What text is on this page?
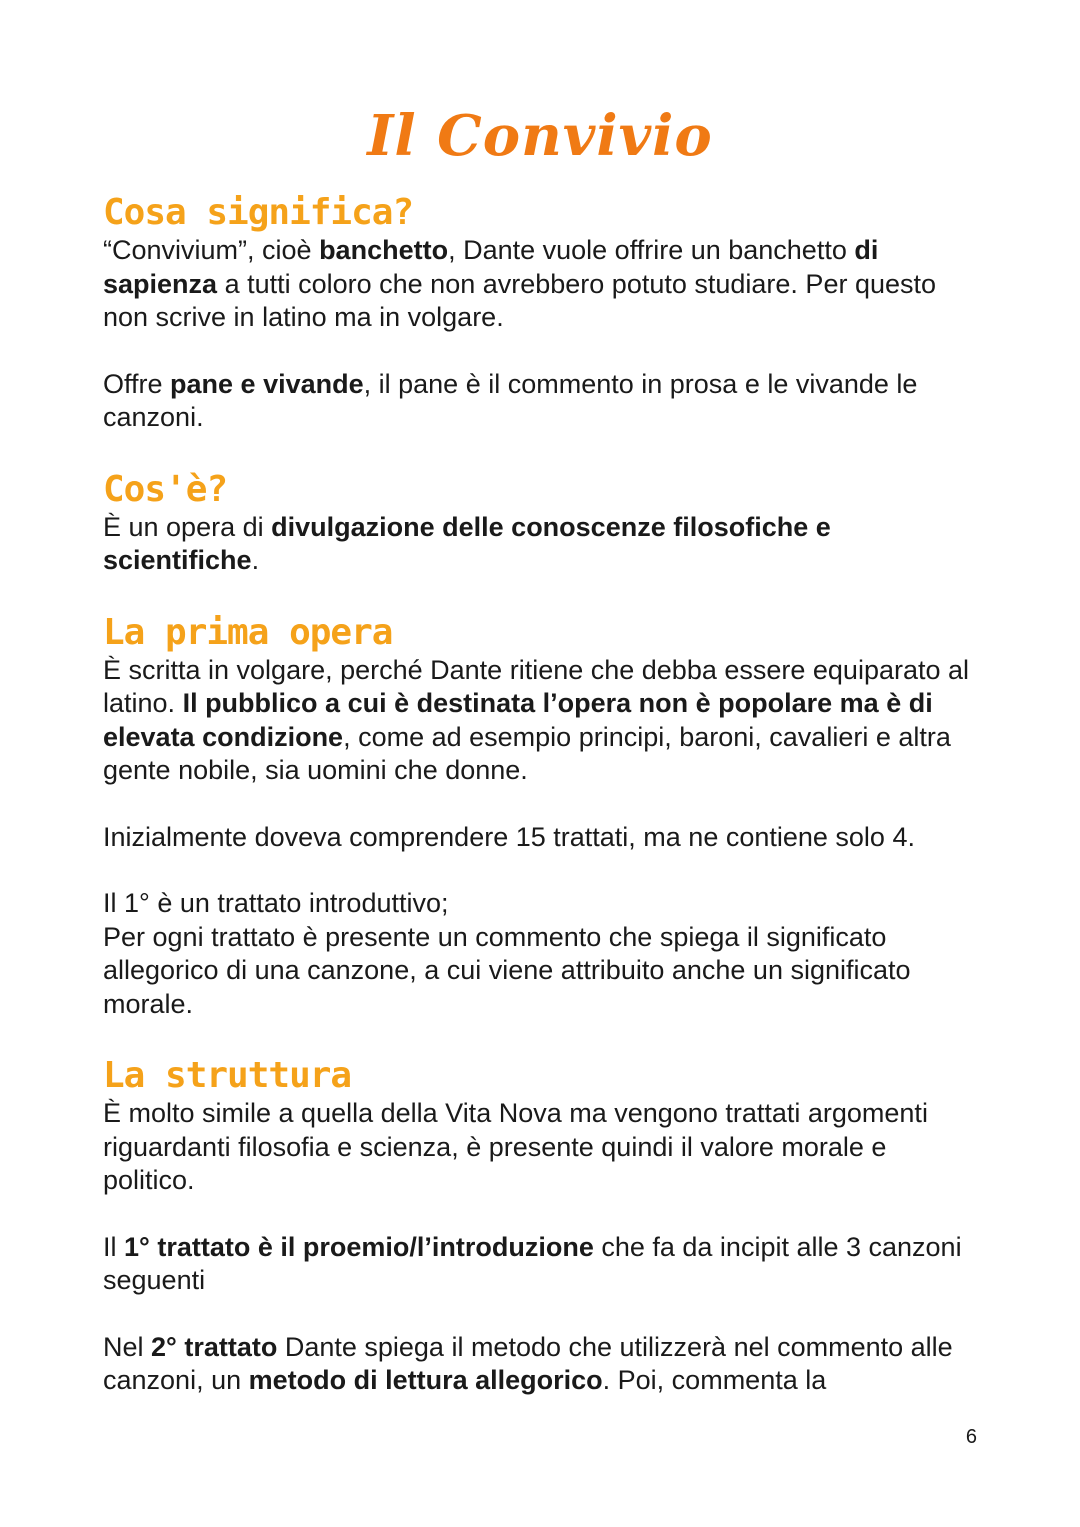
Il Convivio
Cosa significa?

“Convivium”, cioè banchetto, Dante vuole offrire un banchetto di sapienza a tutti coloro che non avrebbero potuto studiare. Per questo non scrive in latino ma in volgare.

Offre pane e vivande, il pane è il commento in prosa e le vivande le canzoni.

Cos'è?

È un opera di divulgazione delle conoscenze filosofiche e scientifiche.

La prima opera

È scritta in volgare, perché Dante ritiene che debba essere equiparato al latino. Il pubblico a cui è destinata l’opera non è popolare ma è di elevata condizione, come ad esempio principi, baroni, cavalieri e altra gente nobile, sia uomini che donne.

Inizialmente doveva comprendere 15 trattati, ma ne contiene solo 4.

Il 1° è un trattato introduttivo;

Per ogni trattato è presente un commento che spiega il significato allegorico di una canzone, a cui viene attribuito anche un significato morale.

La struttura

È molto simile a quella della Vita Nova ma vengono trattati argomenti riguardanti filosofia e scienza, è presente quindi il valore morale e politico.

Il 1° trattato è il proemio/l’introduzione che fa da incipit alle 3 canzoni seguenti

Nel 2° trattato Dante spiega il metodo che utilizzerà nel commento alle canzoni, un metodo di lettura allegorico. Poi, commenta la

6
